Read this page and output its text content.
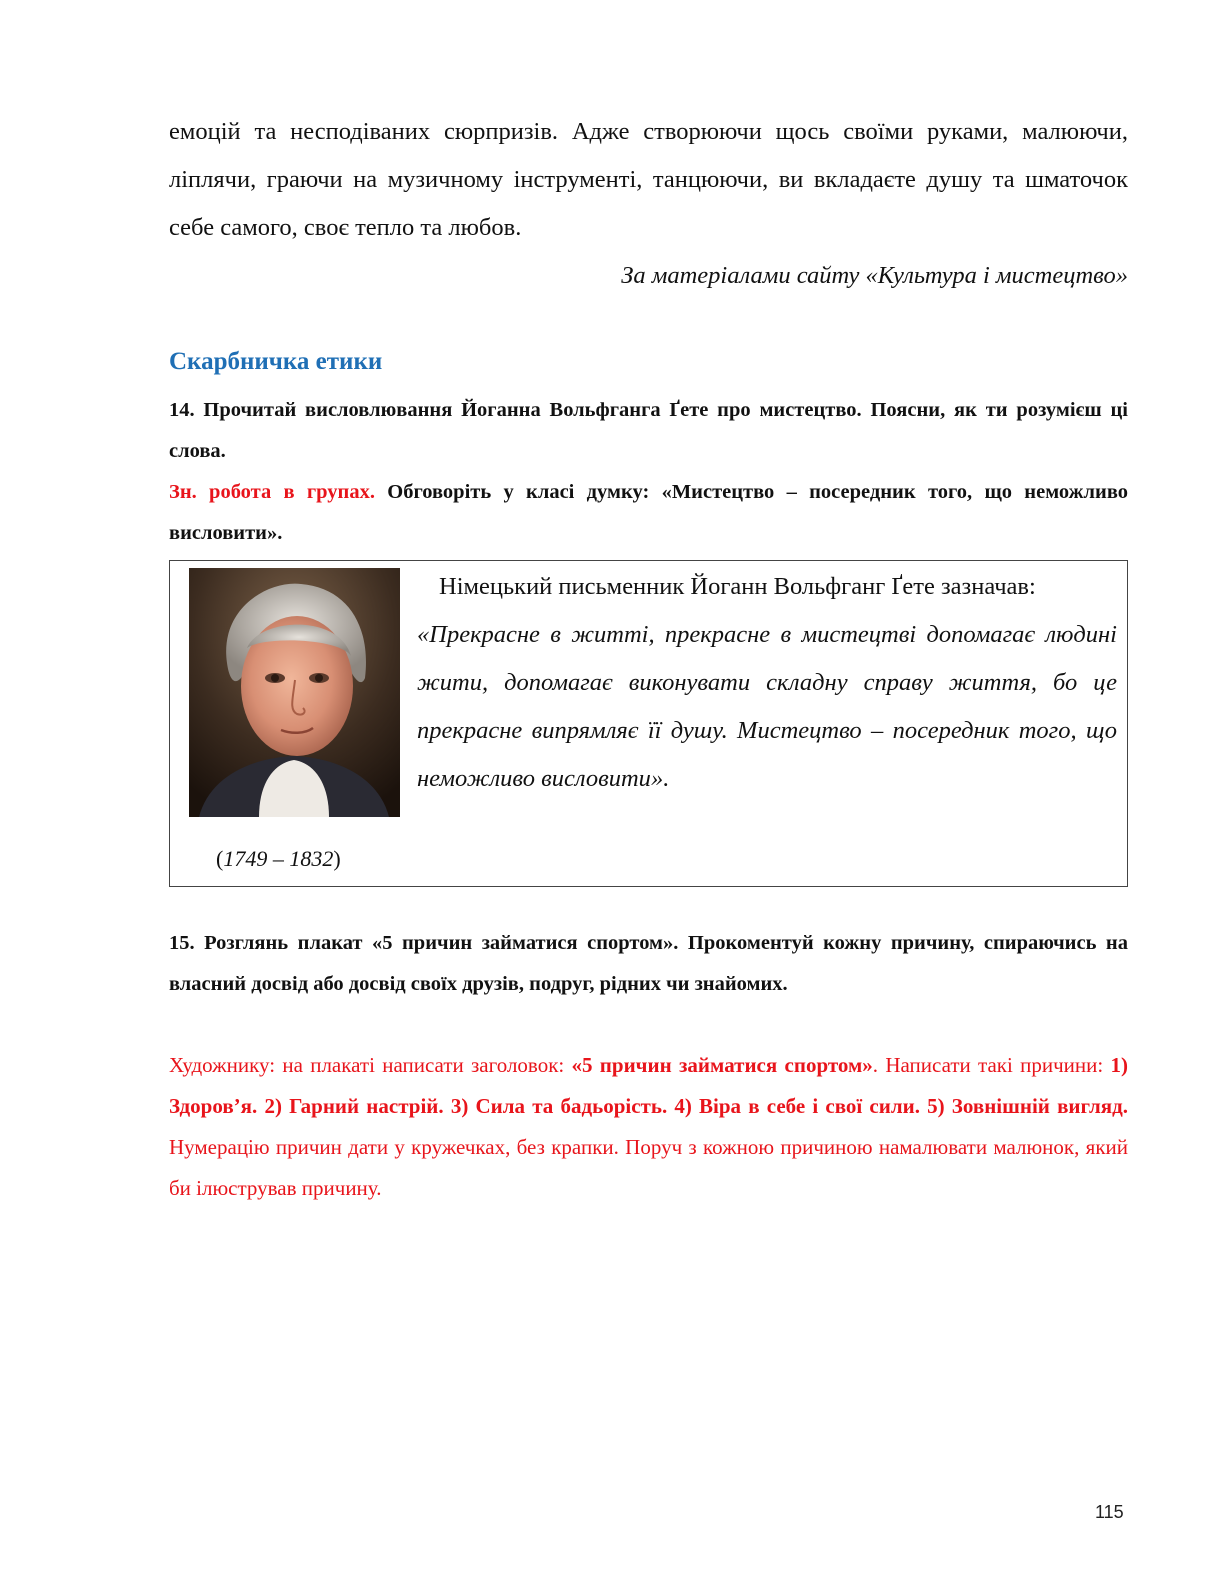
емоцій та несподіваних сюрпризів. Адже створюючи щось своїми руками, малюючи, ліплячи, граючи на музичному інструменті, танцюючи, ви вкладаєте душу та шматочок себе самого, своє тепло та любов.

За матеріалами сайту «Культура і мистецтво»

Скарбничка етики

14. Прочитай висловлювання Йоганна Вольфганга Ґете про мистецтво. Поясни, як ти розумієш ці слова.

Зн. робота в групах. Обговоріть у класі думку: «Мистецтво – посередник того, що неможливо висловити».

(1749 – 1832)
Німецький письменник Йоганн Вольфганг Ґете зазначав:
«Прекрасне в житті, прекрасне в мистецтві допомагає людині жити, допомагає виконувати складну справу життя, бо це прекрасне випрямляє її душу. Мистецтво – посередник того, що неможливо висловити».

15. Розглянь плакат «5 причин займатися спортом». Прокоментуй кожну причину, спираючись на власний досвід або досвід своїх друзів, подруг, рідних чи знайомих.

Художнику: на плакаті написати заголовок: «5 причин займатися спортом». Написати такі причини: 1) Здоров’я. 2) Гарний настрій. 3) Сила та бадьорість. 4) Віра в себе і свої сили. 5) Зовнішній вигляд. Нумерацію причин дати у кружечках, без крапки. Поруч з кожною причиною намалювати малюнок, який би ілюстрував причину.

115
